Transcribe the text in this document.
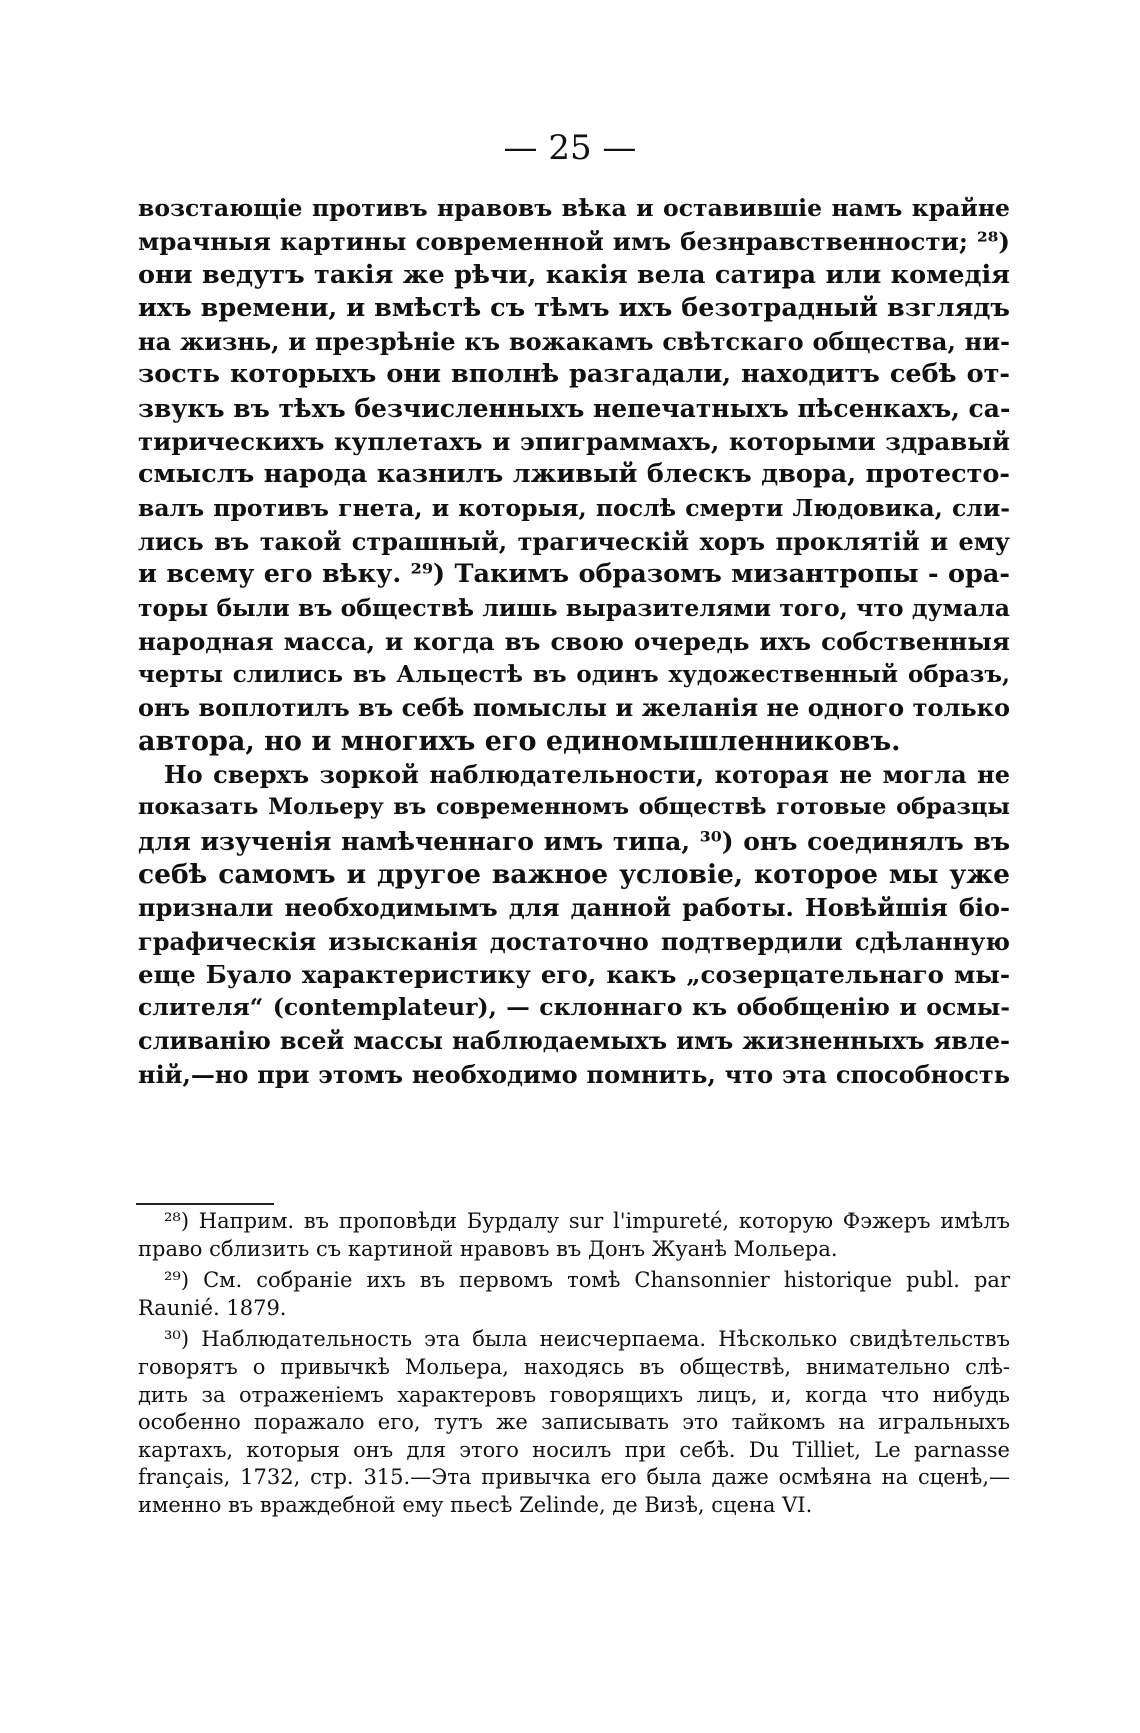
— 25 —
возстающіе противъ нравовъ вѣка и оставившіе намъ крайне
мрачныя картины современной имъ безнравственности; ²⁸)
они ведутъ такія же рѣчи, какія вела сатира или комедія
ихъ времени, и вмѣстѣ съ тѣмъ ихъ безотрадный взглядъ
на жизнь, и презрѣніе къ вожакамъ свѣтскаго общества, ни-
зость которыхъ они вполнѣ разгадали, находитъ себѣ от-
звукъ въ тѣхъ безчисленныхъ непечатныхъ пѣсенкахъ, са-
тирическихъ куплетахъ и эпиграммахъ, которыми здравый
смыслъ народа казнилъ лживый блескъ двора, протесто-
валъ противъ гнета, и которыя, послѣ смерти Людовика, сли-
лись въ такой страшный, трагическій хоръ проклятій и ему
и всему его вѣку. ²⁹) Такимъ образомъ мизантропы - ора-
торы были въ обществѣ лишь выразителями того, что думала
народная масса, и когда въ свою очередь ихъ собственныя
черты слились въ Альцестѣ въ одинъ художественный образъ,
онъ воплотилъ въ себѣ помыслы и желанія не одного только
автора, но и многихъ его единомышленниковъ.
Но сверхъ зоркой наблюдательности, которая не могла не
показать Мольеру въ современномъ обществѣ готовые образцы
для изученія намѣченнаго имъ типа, ³⁰) онъ соединялъ въ
себѣ самомъ и другое важное условіе, которое мы уже
признали необходимымъ для данной работы. Новѣйшія біо-
графическія изысканія достаточно подтвердили сдѣланную
еще Буало характеристику его, какъ „созерцательнаго мы-
слителя“ (contemplateur), — склоннаго къ обобщенію и осмы-
сливанію всей массы наблюдаемыхъ имъ жизненныхъ явле-
ній,—но при этомъ необходимо помнить, что эта способность
²⁸) Наприм. въ проповѣди Бурдалу sur l'impureté, которую Фэжеръ имѣлъ
право сблизить съ картиной нравовъ въ Донъ Жуанѣ Мольера.
²⁹) См. собраніе ихъ въ первомъ томѣ Chansonnier historique publ. par
Raunié. 1879.
³⁰) Наблюдательность эта была неисчерпаема. Нѣсколько свидѣтельствъ
говорятъ о привычкѣ Мольера, находясь въ обществѣ, внимательно слѣ-
дить за отраженіемъ характеровъ говорящихъ лицъ, и, когда что нибудь
особенно поражало его, тутъ же записывать это тайкомъ на игральныхъ
картахъ, которыя онъ для этого носилъ при себѣ. Du Tilliet, Le parnasse
français, 1732, стр. 315.—Эта привычка его была даже осмѣяна на сценѣ,—
именно въ враждебной ему пьесѣ Zelinde, де Визѣ, сцена VI.
